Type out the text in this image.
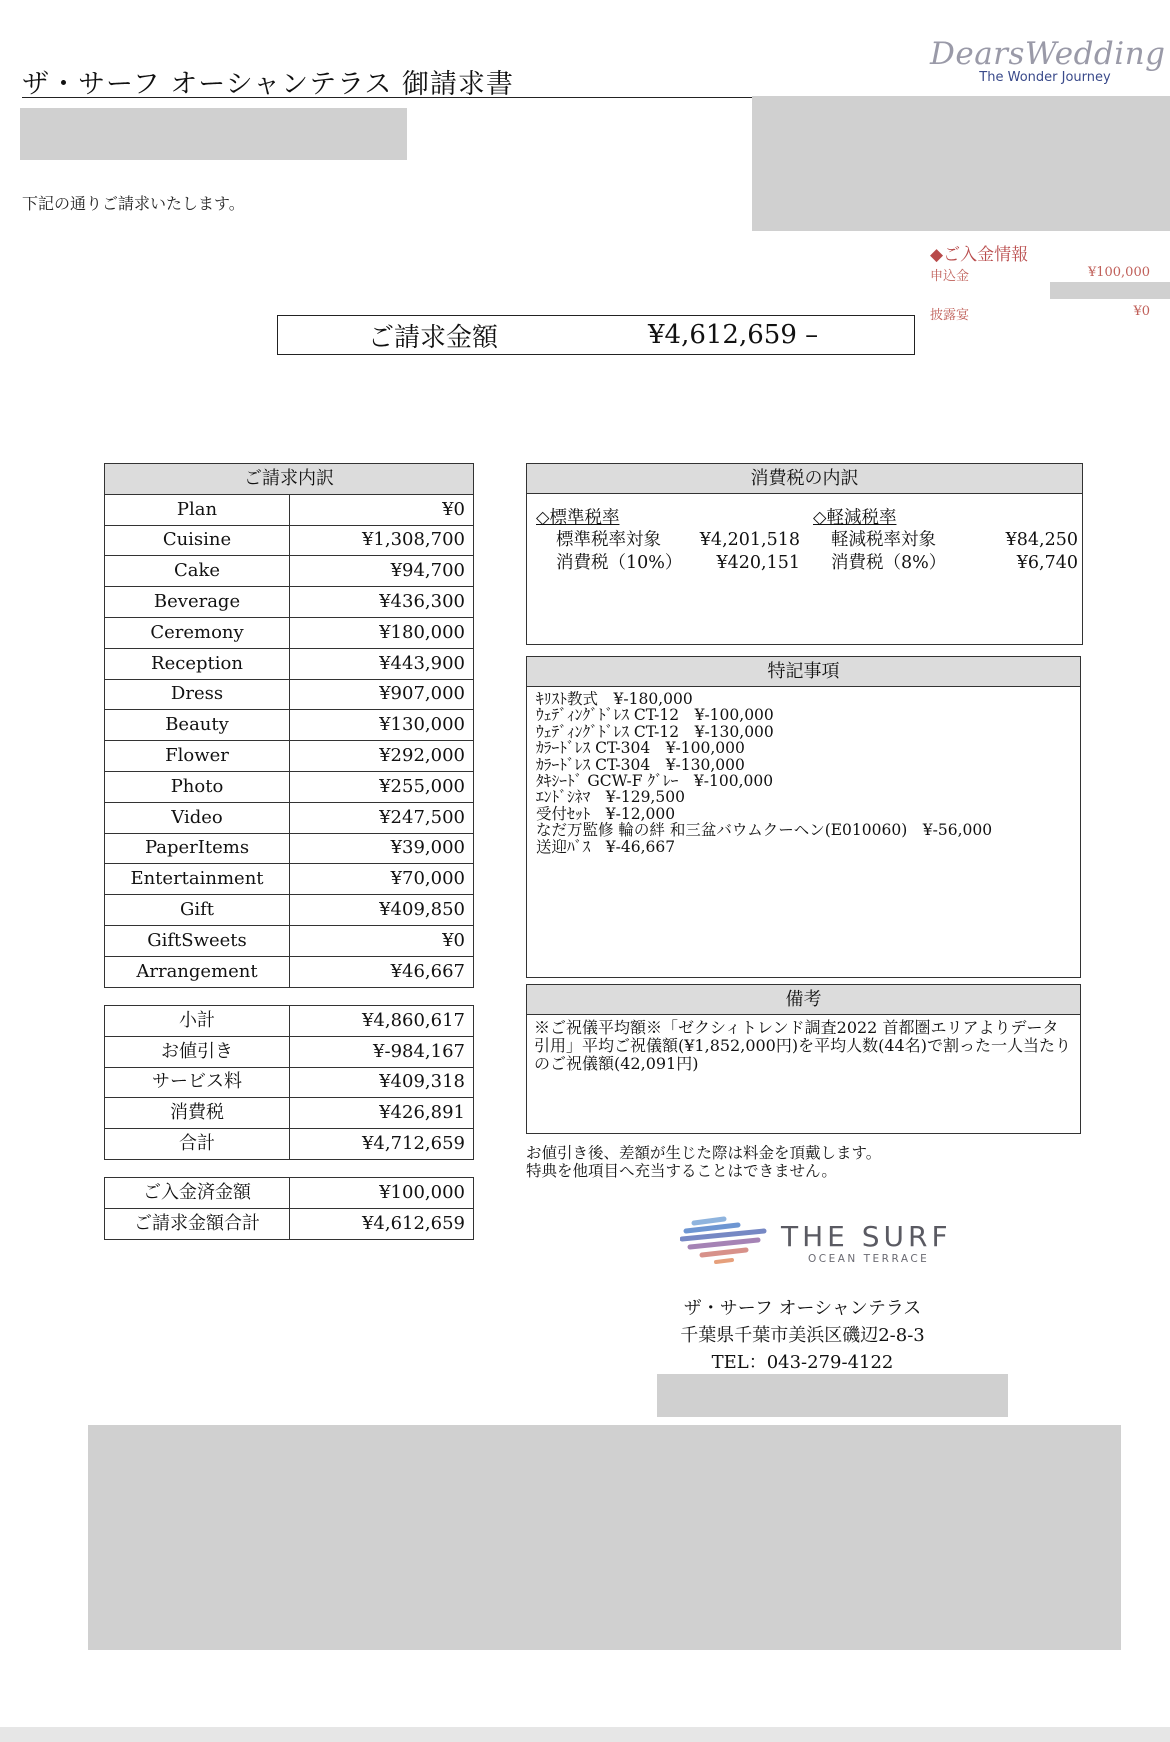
ザ・サーフ オーシャンテラス 御請求書
DearsWedding
The Wonder Journey
下記の通りご請求いたします。
◆ご入金情報
申込金	¥100,000
披露宴	¥0
ご請求金額	¥4,612,659 –
ご請求内訳	
Plan	¥0
Cuisine	¥1,308,700
Cake	¥94,700
Beverage	¥436,300
Ceremony	¥180,000
Reception	¥443,900
Dress	¥907,000
Beauty	¥130,000
Flower	¥292,000
Photo	¥255,000
Video	¥247,500
PaperItems	¥39,000
Entertainment	¥70,000
Gift	¥409,850
GiftSweets	¥0
Arrangement	¥46,667
小計	¥4,860,617
お値引き	¥-984,167
サービス料	¥409,318
消費税	¥426,891
合計	¥4,712,659
ご入金済金額	¥100,000
ご請求金額合計	¥4,612,659
消費税の内訳
◇標準税率
標準税率対象 ¥4,201,518
消費税（10%） ¥420,151
◇軽減税率
軽減税率対象	¥84,250
消費税（8%）	¥6,740
特記事項
ｷﾘｽﾄ教式　¥-180,000
ｳｪﾃﾞｨﾝｸﾞﾄﾞﾚｽ CT-12　¥-100,000
ｳｪﾃﾞｨﾝｸﾞﾄﾞﾚｽ CT-12　¥-130,000
ｶﾗｰﾄﾞﾚｽ CT-304　¥-100,000
ｶﾗｰﾄﾞﾚｽ CT-304　¥-130,000
ﾀｷｼｰﾄﾞ GCW-F ｸﾞﾚｰ　¥-100,000
ｴﾝﾄﾞｼﾈﾏ　¥-129,500
受付ｾｯﾄ　¥-12,000
なだ万監修 輪の絆 和三盆バウムクーヘン(E010060)　¥-56,000
送迎ﾊﾞｽ　¥-46,667
備考
※ご祝儀平均額※「ゼクシィトレンド調査2022 首都圏エリアよりデータ引用」平均ご祝儀額(¥1,852,000円)を平均人数(44名)で割った一人当たりのご祝儀額(42,091円)
お値引き後、差額が生じた際は料金を頂戴します。
特典を他項目へ充当することはできません。
THE SURF
OCEAN TERRACE
ザ・サーフ オーシャンテラス
千葉県千葉市美浜区磯辺2-8-3
TEL：043-279-4122
